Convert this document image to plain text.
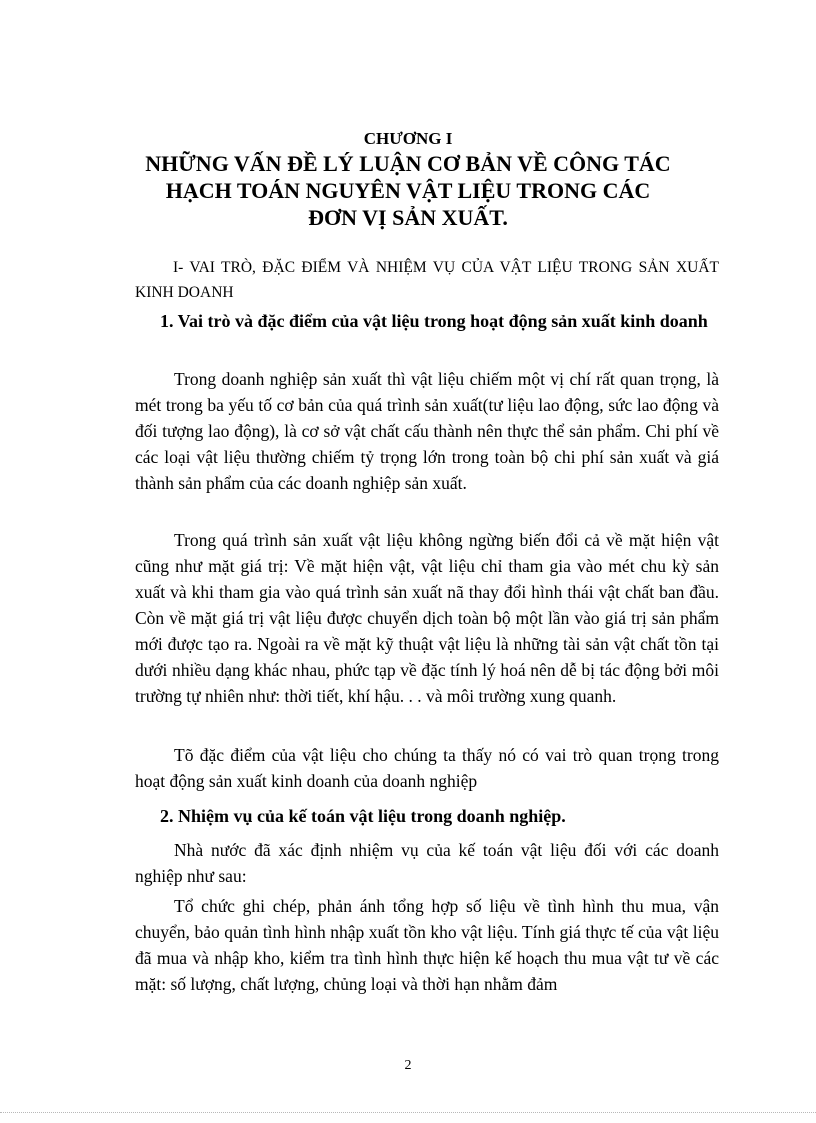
CHƯƠNG I
NHỮNG VẤN ĐỀ LÝ LUẬN CƠ BẢN VỀ CÔNG TÁC
HẠCH TOÁN NGUYÊN VẬT LIỆU TRONG CÁC
ĐƠN VỊ SẢN XUẤT.
I- VAI TRÒ, ĐẶC ĐIỂM VÀ NHIỆM VỤ CỦA VẬT LIỆU TRONG SẢN XUẤT KINH DOANH
1. Vai trò và đặc điểm của vật liệu trong hoạt động sản xuất kinh doanh

Trong doanh nghiệp sản xuất thì vật liệu chiếm một vị chí rất quan trọng, là mét trong ba yếu tố cơ bản của quá trình sản xuất(tư liệu lao động, sức lao động và đối tượng lao động), là cơ sở vật chất cấu thành nên thực thể sản phẩm. Chi phí về các loại vật liệu thường chiếm tỷ trọng lớn trong toàn bộ chi phí sản xuất và giá thành sản phẩm của các doanh nghiệp sản xuất.

Trong quá trình sản xuất vật liệu không ngừng biến đổi cả về mặt hiện vật cũng như mặt giá trị: Về mặt hiện vật, vật liệu chỉ tham gia vào mét chu kỳ sản xuất và khi tham gia vào quá trình sản xuất nã thay đổi hình thái vật chất ban đầu. Còn về mặt giá trị vật liệu được chuyển dịch toàn bộ một lần vào giá trị sản phẩm mới được tạo ra. Ngoài ra về mặt kỹ thuật vật liệu là những tài sản vật chất tồn tại dưới nhiều dạng khác nhau, phức tạp về đặc tính lý hoá nên dễ bị tác động bởi môi trường tự nhiên như: thời tiết, khí hậu. . . và môi trường xung quanh.

Tõ đặc điểm của vật liệu cho chúng ta thấy nó có vai trò quan trọng trong hoạt động sản xuất kinh doanh của doanh nghiệp

2. Nhiệm vụ của kế toán vật liệu trong doanh nghiệp.

Nhà nước đã xác định nhiệm vụ của kế toán vật liệu đối với các doanh nghiệp như sau:

Tổ chức ghi chép, phản ánh tổng hợp số liệu về tình hình thu mua, vận chuyển, bảo quản tình hình nhập xuất tồn kho vật liệu. Tính giá thực tế của vật liệu đã mua và nhập kho, kiểm tra tình hình thực hiện kế hoạch thu mua vật tư về các mặt: số lượng, chất lượng, chủng loại và thời hạn nhằm đảm

2
